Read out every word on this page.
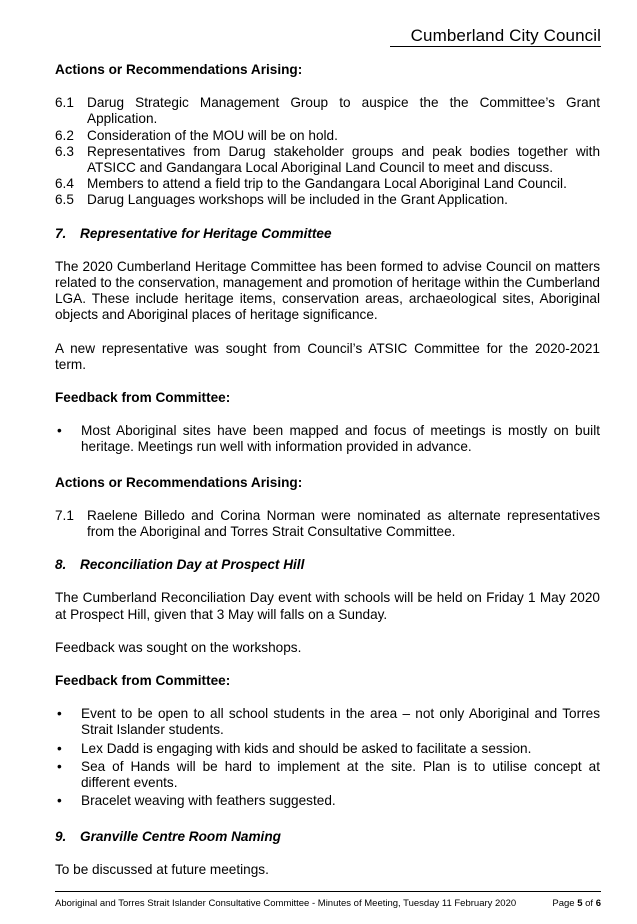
Cumberland City Council

Actions or Recommendations Arising:

6.1 Darug Strategic Management Group to auspice the the Committee’s Grant Application.
6.2 Consideration of the MOU will be on hold.
6.3 Representatives from Darug stakeholder groups and peak bodies together with ATSICC and Gandangara Local Aboriginal Land Council to meet and discuss.
6.4 Members to attend a field trip to the Gandangara Local Aboriginal Land Council.
6.5 Darug Languages workshops will be included in the Grant Application.

7. Representative for Heritage Committee

The 2020 Cumberland Heritage Committee has been formed to advise Council on matters related to the conservation, management and promotion of heritage within the Cumberland LGA. These include heritage items, conservation areas, archaeological sites, Aboriginal objects and Aboriginal places of heritage significance.

A new representative was sought from Council’s ATSIC Committee for the 2020-2021 term.

Feedback from Committee:

•	Most Aboriginal sites have been mapped and focus of meetings is mostly on built heritage. Meetings run well with information provided in advance.

Actions or Recommendations Arising:

7.1 Raelene Billedo and Corina Norman were nominated as alternate representatives from the Aboriginal and Torres Strait Consultative Committee.

8. Reconciliation Day at Prospect Hill

The Cumberland Reconciliation Day event with schools will be held on Friday 1 May 2020 at Prospect Hill, given that 3 May will falls on a Sunday.

Feedback was sought on the workshops.

Feedback from Committee:

•	Event to be open to all school students in the area – not only Aboriginal and Torres Strait Islander students.
•	Lex Dadd is engaging with kids and should be asked to facilitate a session.
•	Sea of Hands will be hard to implement at the site. Plan is to utilise concept at different events.
•	Bracelet weaving with feathers suggested.

9. Granville Centre Room Naming

To be discussed at future meetings.

Aboriginal and Torres Strait Islander Consultative Committee - Minutes of Meeting, Tuesday 11 February 2020	Page 5 of 6
